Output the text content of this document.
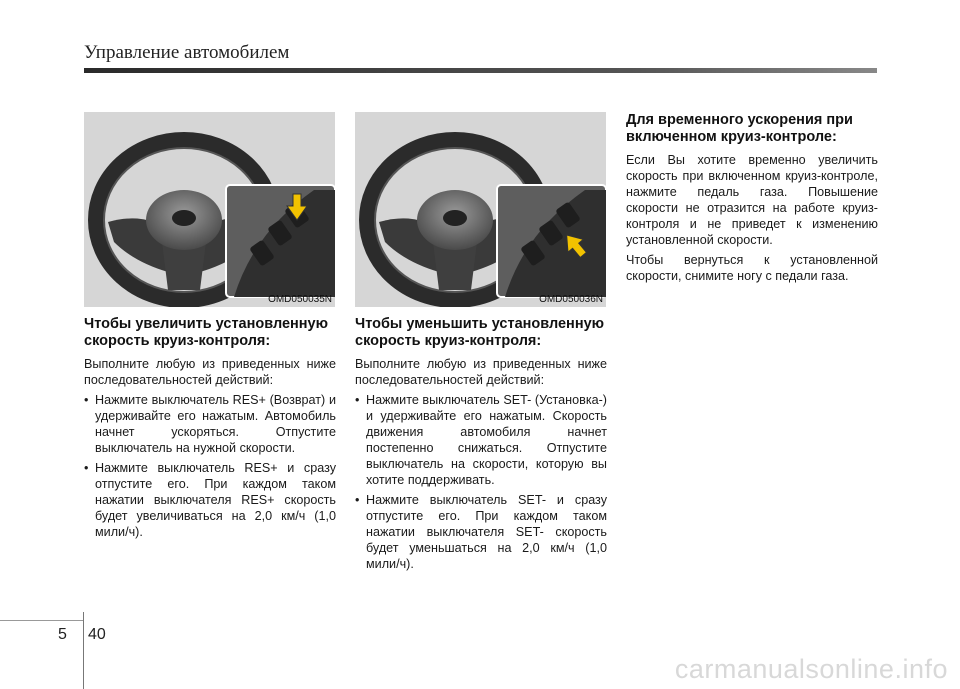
Управление автомобилем
OMD050035N	OMD050036N
Чтобы увеличить установленную скорость круиз-контроля:
Выполните любую из приведенных ниже последовательностей действий:
• Нажмите выключатель RES+ (Возврат) и удерживайте его нажатым. Автомобиль начнет ускоряться. Отпустите выключатель на нужной скорости.
• Нажмите выключатель RES+ и сразу отпустите его. При каждом таком нажатии выключателя RES+ скорость будет увеличиваться на 2,0 км/ч (1,0 мили/ч).
Чтобы уменьшить установленную скорость круиз-контроля:
Выполните любую из приведенных ниже последовательностей действий:
• Нажмите выключатель SET- (Установка-) и удерживайте его нажатым. Скорость движения автомобиля начнет постепенно снижаться. Отпустите выключатель на скорости, которую вы хотите поддерживать.
• Нажмите выключатель SET- и сразу отпустите его. При каждом таком нажатии выключателя SET- скорость будет уменьшаться на 2,0 км/ч (1,0 мили/ч).
Для временного ускорения при включенном круиз-контроле:
Если Вы хотите временно увеличить скорость при включенном круиз-контроле, нажмите педаль газа. Повышение скорости не отразится на работе круиз-контроля и не приведет к изменению установленной скорости.
Чтобы вернуться к установленной скорости, снимите ногу с педали газа.
5 40
carmanualsonline.info
